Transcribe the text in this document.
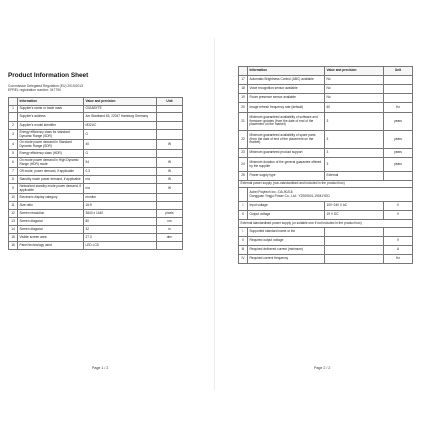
Product Information Sheet
Commission Delegated Regulation (EU) 2019/2013
EPREL registration number: 347790
	Information	Value and precision	Unit
1	Supplier's name or trade mark	GIGABYTE	
	Supplier's address	Am Stadtrand 63, 22047 Hamburg Germany	
2	Supplier's model identifier	M32UC	
3	Energy efficiency class for standard Dynamic Range (SDR)	G	
4	On mode power demand in Standard Dynamic Range (SDR)	40	W
5	Energy efficiency class (HDR)	G	
6	On mode power demand in High Dynamic Range (HDR) mode	54	W
7	Off mode, power demand, if applicable	0.3	W
8	Standby mode power demand, if applicable	n/a	W
9	Networked standby mode power demand, if applicable	n/a	W
10	Electronic display category	monitor	
11	Size ratio	16:9	
12	Screen resolution	3840 x 1440	pixels
13	Screen diagonal	80	cm
14	Screen diagonal	32	in
15	Visible screen area	27.3	dm²
16	Panel technology used	LED LCD	
Page 1 / 2
	Information	Value and precision	Unit
17	Automatic Brightness Control (ABC) available	No	
18	Voice recognition sensor available	No	
19	Room presence sensor available	No	
20	Image refresh frequency rate (default)	60	Hz
21	Minimum guaranteed availability of software and firmware updates (from the date of end of the placement on the market)	3	years
22	Minimum guaranteed availability of spare parts (from the date of end of the placement on the market)	3	years
23	Minimum guaranteed product support	3	years
24	Minimum duration of the general guarantee offered by the supplier	3	years
25	Power supply type	External	
External power supply (non-standardised and included in the product box)			

	Acbel Polytech Inc.: DA-90J16
Dongguan Yingju Power Co., Ltd.: Y2S09001-19041YED		

I	Input voltage	100~240 V AC	V
II	Output voltage	19 V DC	V
External standardised power supply (or suitable one if not included in the product box)			
I	Supported standard name or list		
II	Required output voltage		V
III	Required delivered current (minimum)		A
IV	Required current frequency		Hz
Page 2 / 2
